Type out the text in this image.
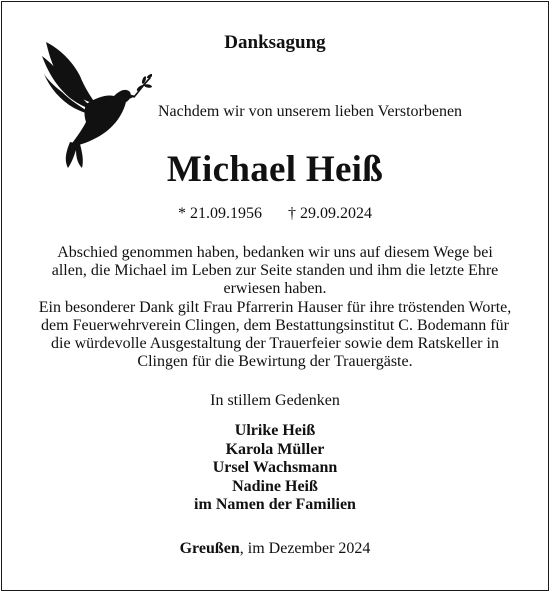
Danksagung
Nachdem wir von unserem lieben Verstorbenen
Michael Heiß
* 21.09.1956 † 29.09.2024

Abschied genommen haben, bedanken wir uns auf diesem Wege bei allen, die Michael im Leben zur Seite standen und ihm die letzte Ehre erwiesen haben.

Ein besonderer Dank gilt Frau Pfarrerin Hauser für ihre tröstenden Worte, dem Feuerwehrverein Clingen, dem Bestattungsinstitut C. Bodemann für die würdevolle Ausgestaltung der Trauerfeier sowie dem Ratskeller in Clingen für die Bewirtung der Trauergäste.

In stillem Gedenken
Ulrike Heiß
Karola Müller
Ursel Wachsmann
Nadine Heiß
im Namen der Familien
Greußen, im Dezember 2024
